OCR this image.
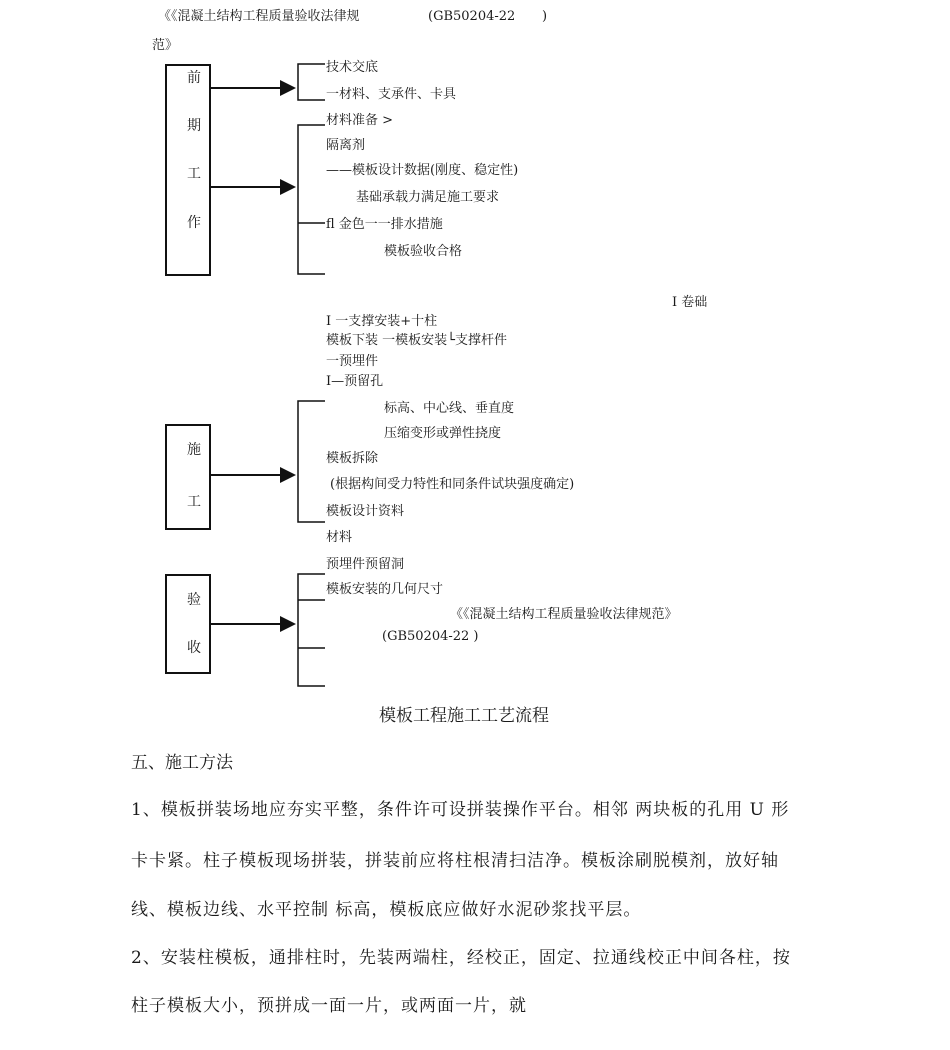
《《混凝土结构工程质量验收法律规	(GB50204-22 )
范》
前
期
工
作
施
工
验
收
技术交底
一材料、支承件、卡具
材料准备 >
隔离剂
——模板设计数据(刚度、稳定性)
基础承载力满足施工要求
fl 金色一一排水措施
模板验收合格
I 卷础
I 一支撑安装+十柱
模板下装 一模板安装└支撑杆件
一预埋件
I—预留孔
标高、中心线、垂直度
压缩变形或弹性挠度
模板拆除
(根据构间受力特性和同条件试块强度确定)
模板设计资料
材料
预埋件预留洞
模板安装的几何尺寸
《《混凝土结构工程质量验收法律规范》
(GB50204-22 )
模板工程施工工艺流程
五、施工方法
1、模板拼装场地应夯实平整，条件许可设拼装操作平台。相邻 两块板的孔用 U 形
卡卡紧。柱子模板现场拼装，拼装前应将柱根清扫洁净。模板涂刷脱模剂，放好轴
线、模板边线、水平控制 标高，模板底应做好水泥砂浆找平层。
2、安装柱模板，通排柱时，先装两端柱，经校正，固定、拉通线校正中间各柱，按
柱子模板大小，预拼成一面一片，或两面一片，就
